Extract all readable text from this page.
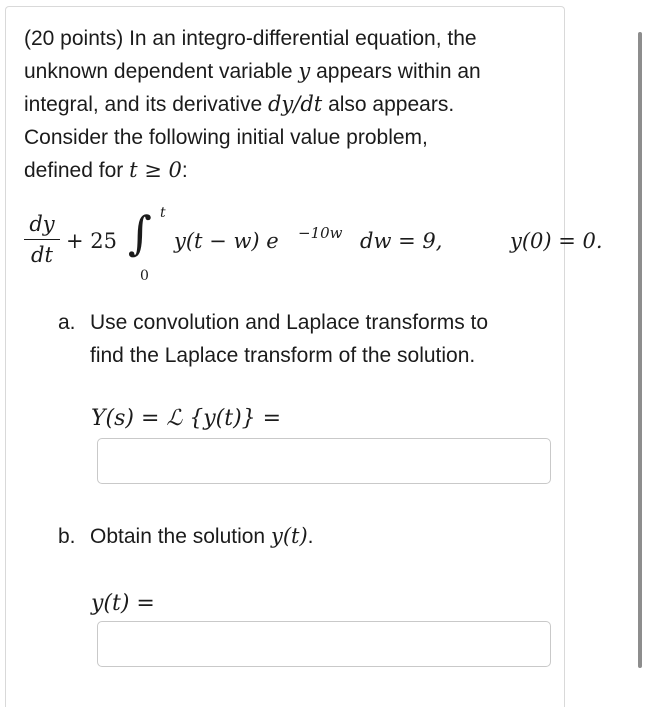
(20 points) In an integro-differential equation, the
unknown dependent variable y appears within an
integral, and its derivative dy/dt also appears.
Consider the following initial value problem,
defined for t ≥ 0:
dy
dt
+ 25 ∫ t
0
y(t − w) e −10w dw = 9,	y(0) = 0.
a. Use convolution and Laplace transforms to
find the Laplace transform of the solution.
Y(s) = ℒ {y(t)} =
b. Obtain the solution y(t).
y(t) =
